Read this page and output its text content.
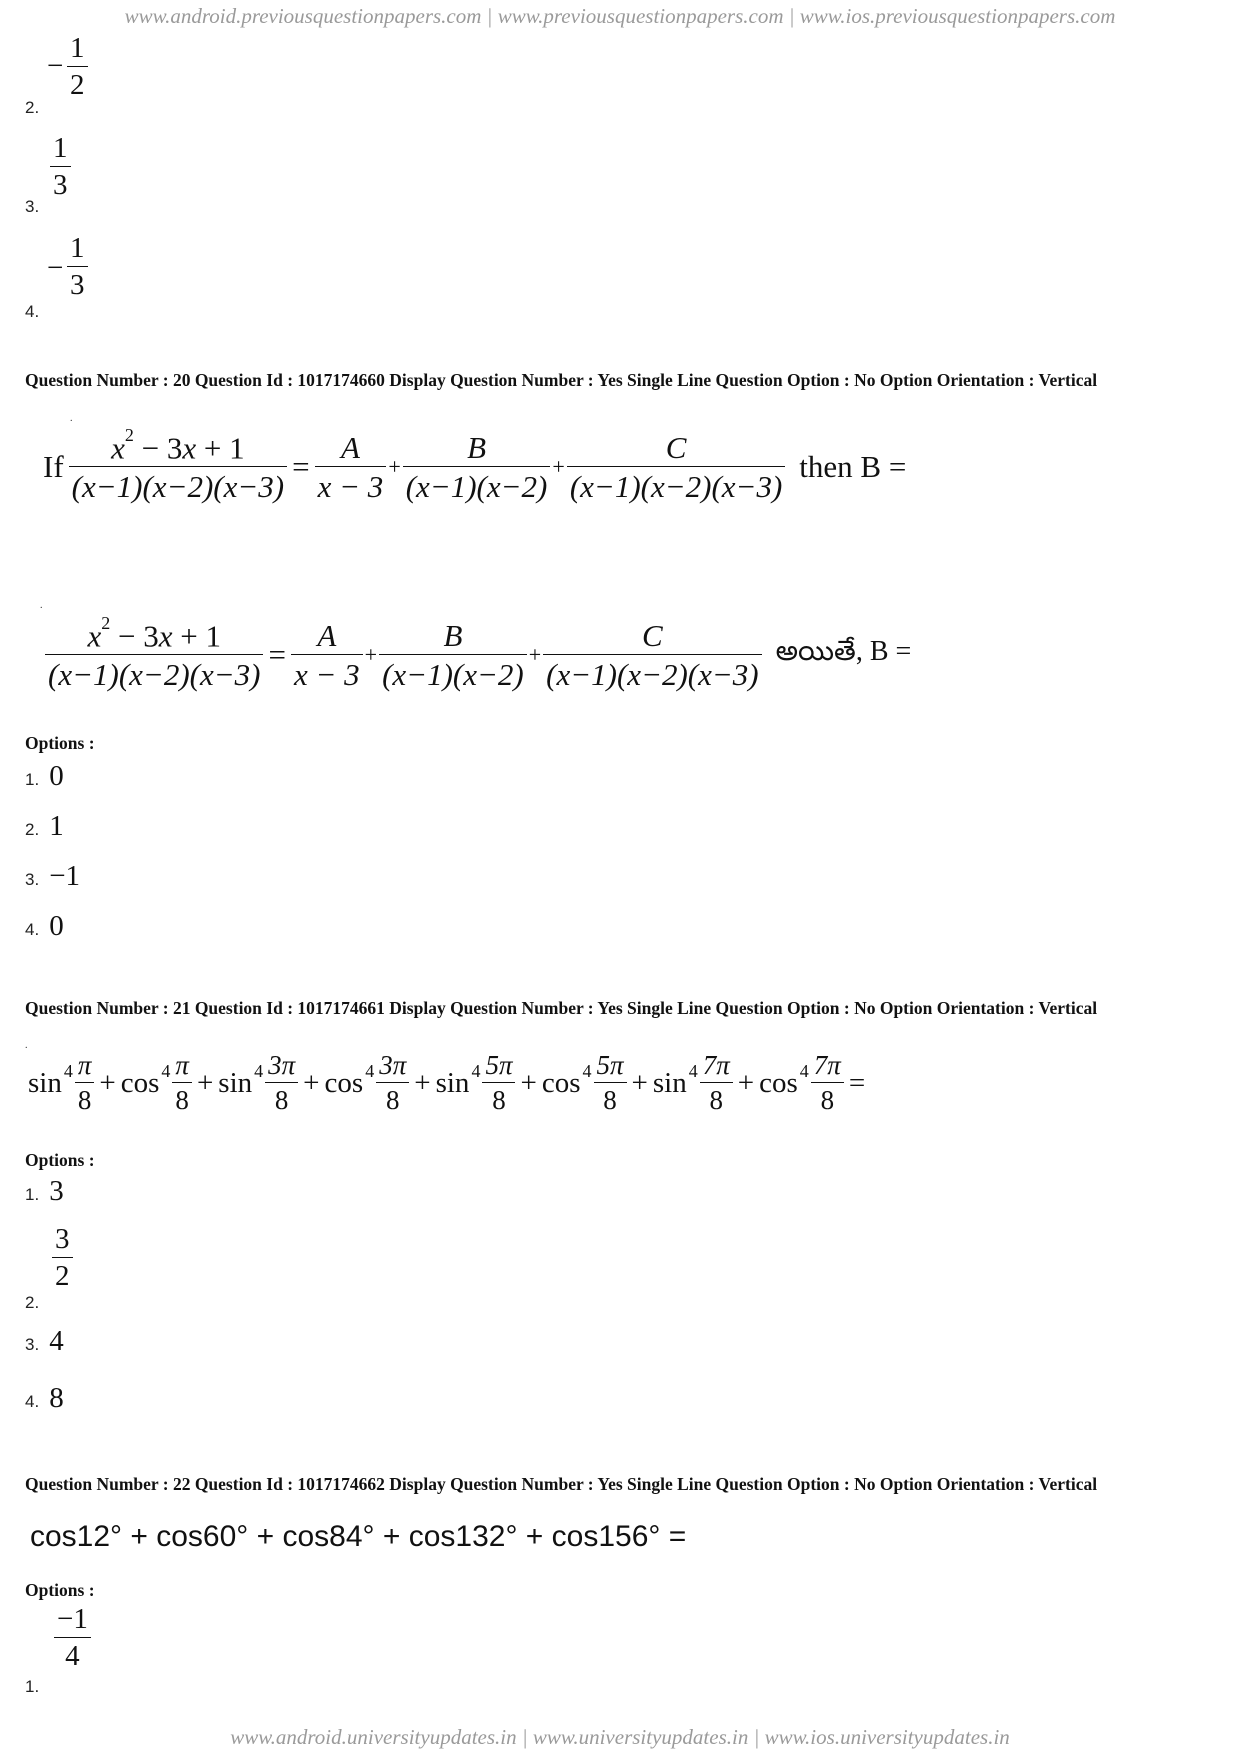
www.android.previousquestionpapers.com | www.previousquestionpapers.com | www.ios.previousquestionpapers.com
2.
−
1
2
3.
1
3
4.
−
1
3
Question Number : 20 Question Id : 1017174660 Display Question Number : Yes Single Line Question Option : No Option Orientation : Vertical
.
If $\frac{x^2 - 3x + 1}{(x-1)(x-2)(x-3)} = \frac{A}{x - 3} + \frac{B}{(x-1)(x-2)} + \frac{C}{(x-1)(x-2)(x-3)}$ then B =
.
$\frac{x^2 - 3x + 1}{(x-1)(x-2)(x-3)} = \frac{A}{x - 3} + \frac{B}{(x-1)(x-2)} + \frac{C}{(x-1)(x-2)(x-3)}$ అయితే, B =
Options :
1. 0
2. 1
3. −1
4. 0
Question Number : 21 Question Id : 1017174661 Display Question Number : Yes Single Line Question Option : No Option Orientation : Vertical
.
$\sin 4 \frac{\pi}{8} + \cos 4 \frac{\pi}{8} + \sin 4 \frac{3\pi}{8} + \cos 4 \frac{3\pi}{8} + \sin 4 \frac{5\pi}{8} + \cos 4 \frac{5\pi}{8} + \sin 4 \frac{7\pi}{8} + \cos 4 \frac{7\pi}{8}$ =
Options :
1. 3
2.
3
2
3. 4
4. 8
Question Number : 22 Question Id : 1017174662 Display Question Number : Yes Single Line Question Option : No Option Orientation : Vertical
cos12° + cos60° + cos84° + cos132° + cos156° =
Options :
1.
−1
4
www.android.universityupdates.in | www.universityupdates.in | www.ios.universityupdates.in
